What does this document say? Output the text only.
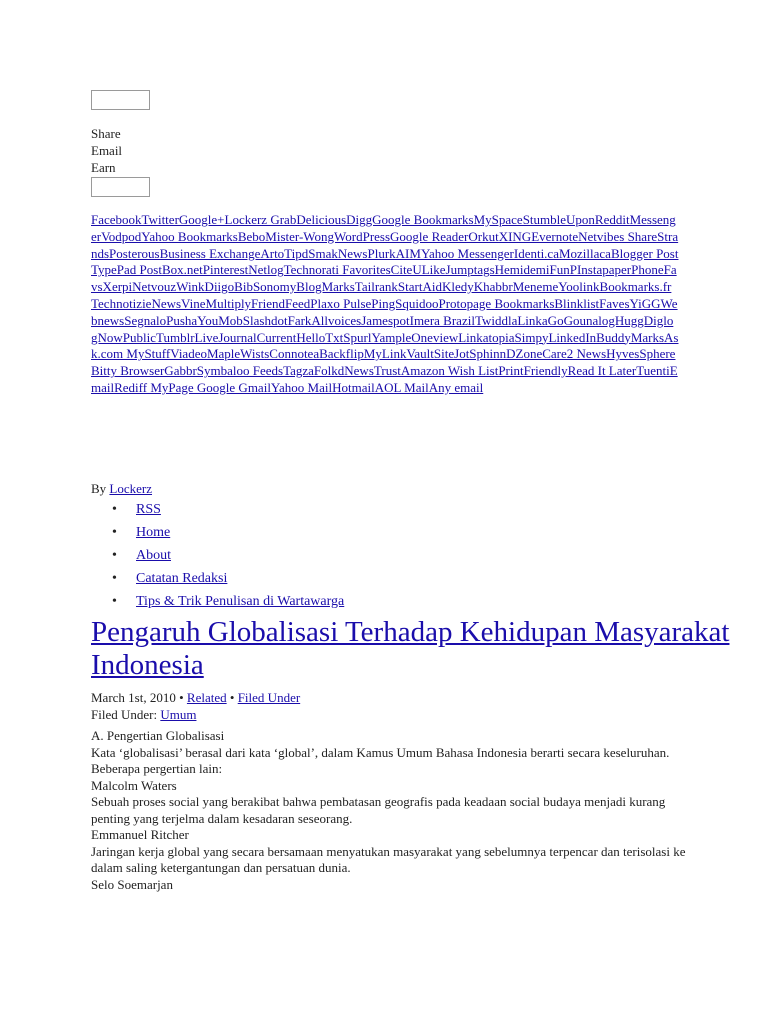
Share
Email
Earn
FacebookTwitterGoogle+Lockerz GrabDeliciousDiggGoogle BookmarksMySpaceStumbleUponRedditMessengerVodpodYahoo BookmarksBeboMister-WongWordPressGoogle ReaderOrkutXINGEvernoteNetvibes ShareStrandsPosterousBusiness ExchangeArtoTipdSmakNewsPlurkAIMYahoo MessengerIdenti.caMozillacaBlogger PostTypePad PostBox.netPinterestNetlogTechnorati FavoritesCiteULikeJumptagsHemidemiFunPInstapaperPhoneFavsXerpiNetvouzWinkDiigoBibSonomyBlogMarksTailrankStartAidKledyKhabbrMenemeYoolinkBookmarks.frTechnotizieNewsVineMultiplyFriendFeedPlaxo PulsePingSquidooProtopage BookmarksBlinklistFavesYiGGWebnewsSegnaloPushaYouMobSlashdotFarkAllvoicesJamespotImera BrazilTwiddlaLinkaGoGounalogHuggDiglogNowPublicTumblrLiveJournalCurrentHelloTxtSpurlYampleOneviewLinkatopiaSimpyLinkedInBuddyMarksAsk.com MyStuffViadeoMapleWistsConnoteaBackflipMyLinkVaultSiteJotSphinnDZoneCare2 NewsHyvesSphereBitty BrowserGabbrSymbaloo FeedsTagzaFolkdNewsTrustAmazon Wish ListPrintFriendlyRead It LaterTuentiEmailRediff MyPage Google GmailYahoo MailHotmailAOL MailAny email
By Lockerz
• RSS
• Home
• About
• Catatan Redaksi
• Tips & Trik Penulisan di Wartawarga
Pengaruh Globalisasi Terhadap Kehidupan Masyarakat Indonesia
March 1st, 2010 • Related • Filed Under
Filed Under: Umum

A. Pengertian Globalisasi

Kata ‘globalisasi’ berasal dari kata ‘global’, dalam Kamus Umum Bahasa Indonesia berarti secara keseluruhan. Beberapa pergertian lain:

Malcolm Waters

Sebuah proses social yang berakibat bahwa pembatasan geografis pada keadaan social budaya menjadi kurang penting yang terjelma dalam kesadaran seseorang.

Emmanuel Ritcher

Jaringan kerja global yang secara bersamaan menyatukan masyarakat yang sebelumnya terpencar dan terisolasi ke dalam saling ketergantungan dan persatuan dunia.

Selo Soemarjan
